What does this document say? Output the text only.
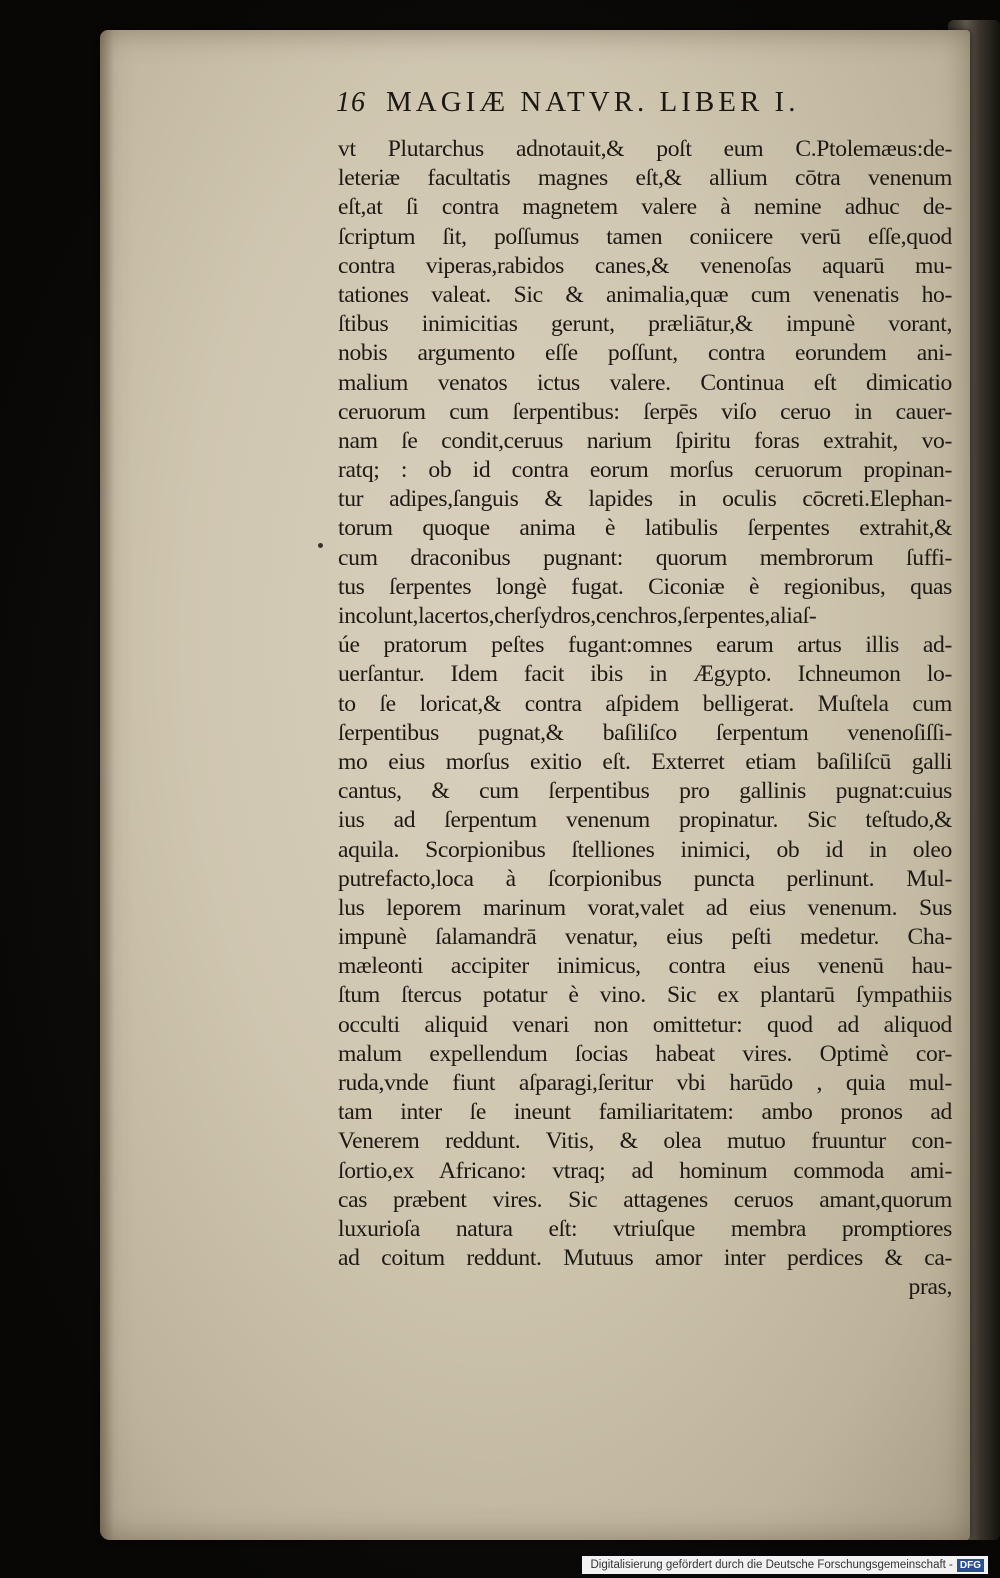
16 MAGIÆ NATVR. LIBER I.
vt Plutarchus adnotauit,& poſt eum C.Ptolemæus:de-
leteriæ facultatis magnes eſt,& allium cōtra venenum
eſt,at ſi contra magnetem valere à nemine adhuc de-
ſcriptum ſit, poſſumus tamen coniicere verū eſſe,quod
contra viperas,rabidos canes,& venenoſas aquarū mu-
tationes valeat. Sic & animalia,quæ cum venenatis ho-
ſtibus inimicitias gerunt, præliātur,& impunè vorant,
nobis argumento eſſe poſſunt, contra eorundem ani-
malium venatos ictus valere. Continua eſt dimicatio
ceruorum cum ſerpentibus: ſerpēs viſo ceruo in cauer-
nam ſe condit,ceruus narium ſpiritu foras extrahit, vo-
ratq; : ob id contra eorum morſus ceruorum propinan-
tur adipes,ſanguis & lapides in oculis cōcreti.Elephan-
torum quoque anima è latibulis ſerpentes extrahit,&
cum draconibus pugnant: quorum membrorum ſuffi-
tus ſerpentes longè fugat. Ciconiæ è regionibus, quas
incolunt,lacertos,cherſydros,cenchros,ſerpentes,aliaſ-
úe pratorum peſtes fugant:omnes earum artus illis ad-
uerſantur. Idem facit ibis in Ægypto. Ichneumon lo-
to ſe loricat,& contra aſpidem belligerat. Muſtela cum
ſerpentibus pugnat,& baſiliſco ſerpentum venenoſiſſi-
mo eius morſus exitio eſt. Exterret etiam baſiliſcū galli
cantus, & cum ſerpentibus pro gallinis pugnat:cuius
ius ad ſerpentum venenum propinatur. Sic teſtudo,&
aquila. Scorpionibus ſtelliones inimici, ob id in oleo
putrefacto,loca à ſcorpionibus puncta perlinunt. Mul-
lus leporem marinum vorat,valet ad eius venenum. Sus
impunè ſalamandrā venatur, eius peſti medetur. Cha-
mæleonti accipiter inimicus, contra eius venenū hau-
ſtum ſtercus potatur è vino. Sic ex plantarū ſympathiis
occulti aliquid venari non omittetur: quod ad aliquod
malum expellendum ſocias habeat vires. Optimè cor-
ruda,vnde fiunt aſparagi,ſeritur vbi harūdo , quia mul-
tam inter ſe ineunt familiaritatem: ambo pronos ad
Venerem reddunt. Vitis, & olea mutuo fruuntur con-
ſortio,ex Africano: vtraq; ad hominum commoda ami-
cas præbent vires. Sic attagenes ceruos amant,quorum
luxurioſa natura eſt: vtriuſque membra promptiores
ad coitum reddunt. Mutuus amor inter perdices & ca-
pras,
Digitalisierung gefördert durch die Deutsche Forschungsgemeinschaft - DFG
